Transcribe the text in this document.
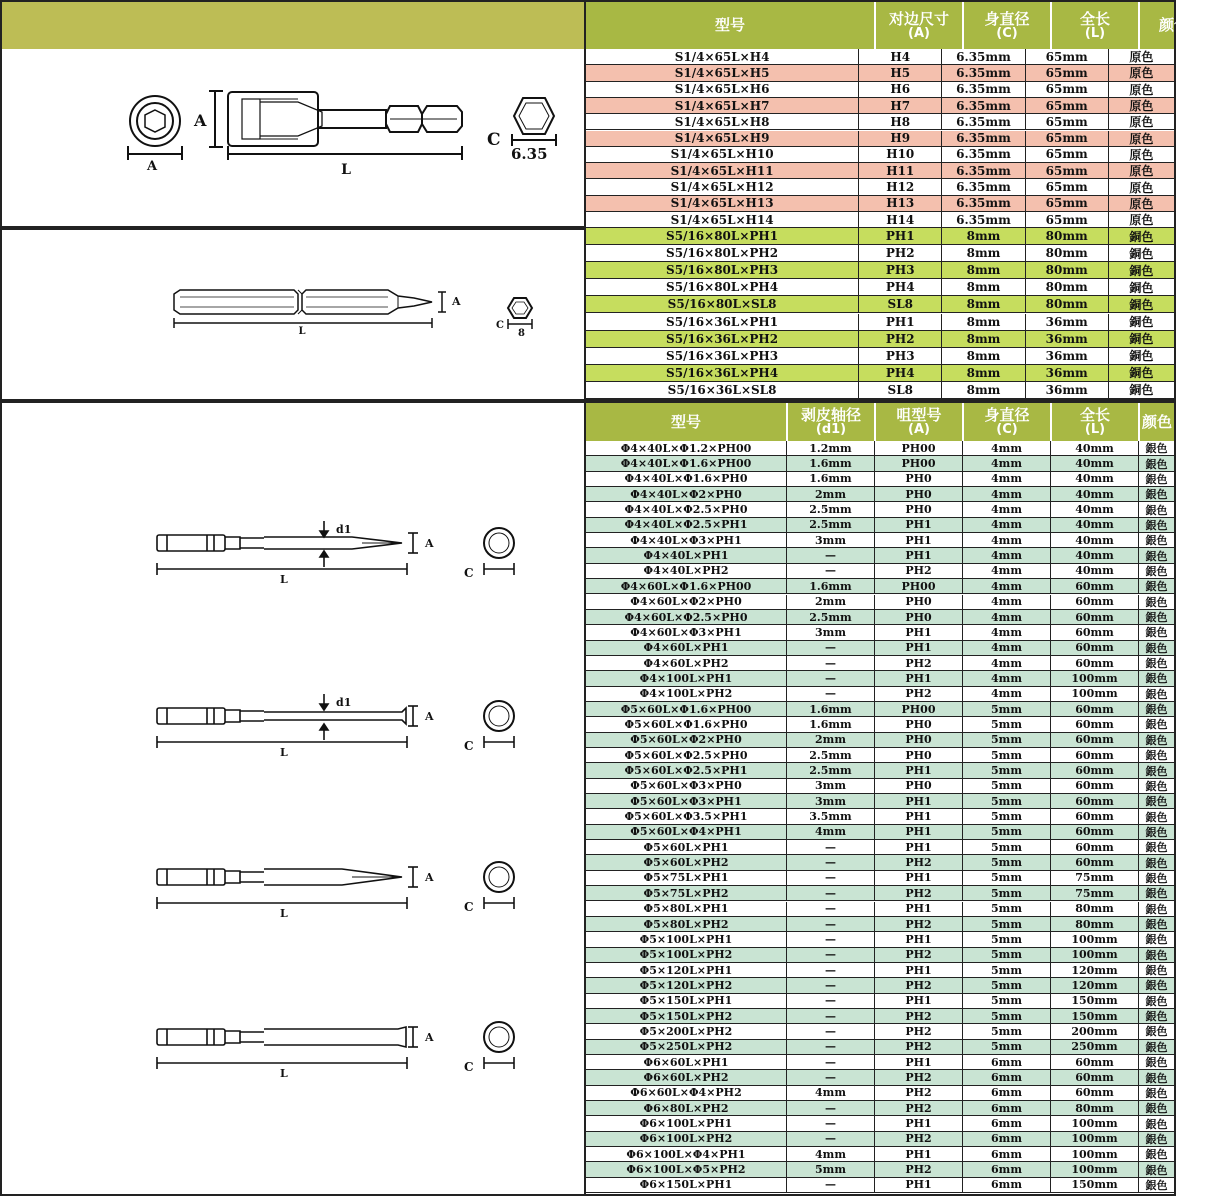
A
A
L
C
6.35
型号	对边尺寸
(A)
身直径
(C)
全长
(L)	颜色
S1/4×65L×H4	H4	6.35mm	65mm	原色
S1/4×65L×H5	H5	6.35mm	65mm	原色
S1/4×65L×H6	H6	6.35mm	65mm	原色
S1/4×65L×H7	H7	6.35mm	65mm	原色
S1/4×65L×H8	H8	6.35mm	65mm	原色
S1/4×65L×H9	H9	6.35mm	65mm	原色
S1/4×65L×H10	H10	6.35mm	65mm	原色
S1/4×65L×H11	H11	6.35mm	65mm	原色
S1/4×65L×H12	H12	6.35mm	65mm	原色
S1/4×65L×H13	H13	6.35mm	65mm	原色
S1/4×65L×H14	H14	6.35mm	65mm	原色
A
L
C
8
S5/16×80L×PH1	PH1	8mm	80mm	銅色
S5/16×80L×PH2	PH2	8mm	80mm	銅色
S5/16×80L×PH3	PH3	8mm	80mm	銅色
S5/16×80L×PH4	PH4	8mm	80mm	銅色
S5/16×80L×SL8	SL8	8mm	80mm	銅色
S5/16×36L×PH1	PH1	8mm	36mm	銅色
S5/16×36L×PH2	PH2	8mm	36mm	銅色
S5/16×36L×PH3	PH3	8mm	36mm	銅色
S5/16×36L×PH4	PH4	8mm	36mm	銅色
S5/16×36L×SL8	SL8	8mm	36mm	銅色
d1
A
L	C
d1
A
L	C
A
L	C
A
L	C
型号	剥皮轴径
(d1)
咀型号
(A)
身直径
(C)
全长
(L) 颜色
Φ4×40L×Φ1.2×PH00	1.2mm	PH00	4mm	40mm	銀色
Φ4×40L×Φ1.6×PH00	1.6mm	PH00	4mm	40mm	銀色
Φ4×40L×Φ1.6×PH0	1.6mm	PH0	4mm	40mm	銀色
Φ4×40L×Φ2×PH0	2mm	PH0	4mm	40mm	銀色
Φ4×40L×Φ2.5×PH0	2.5mm	PH0	4mm	40mm	銀色
Φ4×40L×Φ2.5×PH1	2.5mm	PH1	4mm	40mm	銀色
Φ4×40L×Φ3×PH1	3mm	PH1	4mm	40mm	銀色
Φ4×40L×PH1	—	PH1	4mm	40mm	銀色
Φ4×40L×PH2	—	PH2	4mm	40mm	銀色
Φ4×60L×Φ1.6×PH00	1.6mm	PH00	4mm	60mm	銀色
Φ4×60L×Φ2×PH0	2mm	PH0	4mm	60mm	銀色
Φ4×60L×Φ2.5×PH0	2.5mm	PH0	4mm	60mm	銀色
Φ4×60L×Φ3×PH1	3mm	PH1	4mm	60mm	銀色
Φ4×60L×PH1	—	PH1	4mm	60mm	銀色
Φ4×60L×PH2	—	PH2	4mm	60mm	銀色
Φ4×100L×PH1	—	PH1	4mm	100mm	銀色
Φ4×100L×PH2	—	PH2	4mm	100mm	銀色
Φ5×60L×Φ1.6×PH00	1.6mm	PH00	5mm	60mm	銀色
Φ5×60L×Φ1.6×PH0	1.6mm	PH0	5mm	60mm	銀色
Φ5×60L×Φ2×PH0	2mm	PH0	5mm	60mm	銀色
Φ5×60L×Φ2.5×PH0	2.5mm	PH0	5mm	60mm	銀色
Φ5×60L×Φ2.5×PH1	2.5mm	PH1	5mm	60mm	銀色
Φ5×60L×Φ3×PH0	3mm	PH0	5mm	60mm	銀色
Φ5×60L×Φ3×PH1	3mm	PH1	5mm	60mm	銀色
Φ5×60L×Φ3.5×PH1	3.5mm	PH1	5mm	60mm	銀色
Φ5×60L×Φ4×PH1	4mm	PH1	5mm	60mm	銀色
Φ5×60L×PH1	—	PH1	5mm	60mm	銀色
Φ5×60L×PH2	—	PH2	5mm	60mm	銀色
Φ5×75L×PH1	—	PH1	5mm	75mm	銀色
Φ5×75L×PH2	—	PH2	5mm	75mm	銀色
Φ5×80L×PH1	—	PH1	5mm	80mm	銀色
Φ5×80L×PH2	—	PH2	5mm	80mm	銀色
Φ5×100L×PH1	—	PH1	5mm	100mm	銀色
Φ5×100L×PH2	—	PH2	5mm	100mm	銀色
Φ5×120L×PH1	—	PH1	5mm	120mm	銀色
Φ5×120L×PH2	—	PH2	5mm	120mm	銀色
Φ5×150L×PH1	—	PH1	5mm	150mm	銀色
Φ5×150L×PH2	—	PH2	5mm	150mm	銀色
Φ5×200L×PH2	—	PH2	5mm	200mm	銀色
Φ5×250L×PH2	—	PH2	5mm	250mm	銀色
Φ6×60L×PH1	—	PH1	6mm	60mm	銀色
Φ6×60L×PH2	—	PH2	6mm	60mm	銀色
Φ6×60L×Φ4×PH2	4mm	PH2	6mm	60mm	銀色
Φ6×80L×PH2	—	PH2	6mm	80mm	銀色
Φ6×100L×PH1	—	PH1	6mm	100mm	銀色
Φ6×100L×PH2	—	PH2	6mm	100mm	銀色
Φ6×100L×Φ4×PH1	4mm	PH1	6mm	100mm	銀色
Φ6×100L×Φ5×PH2	5mm	PH2	6mm	100mm	銀色
Φ6×150L×PH1	—	PH1	6mm	150mm	銀色
